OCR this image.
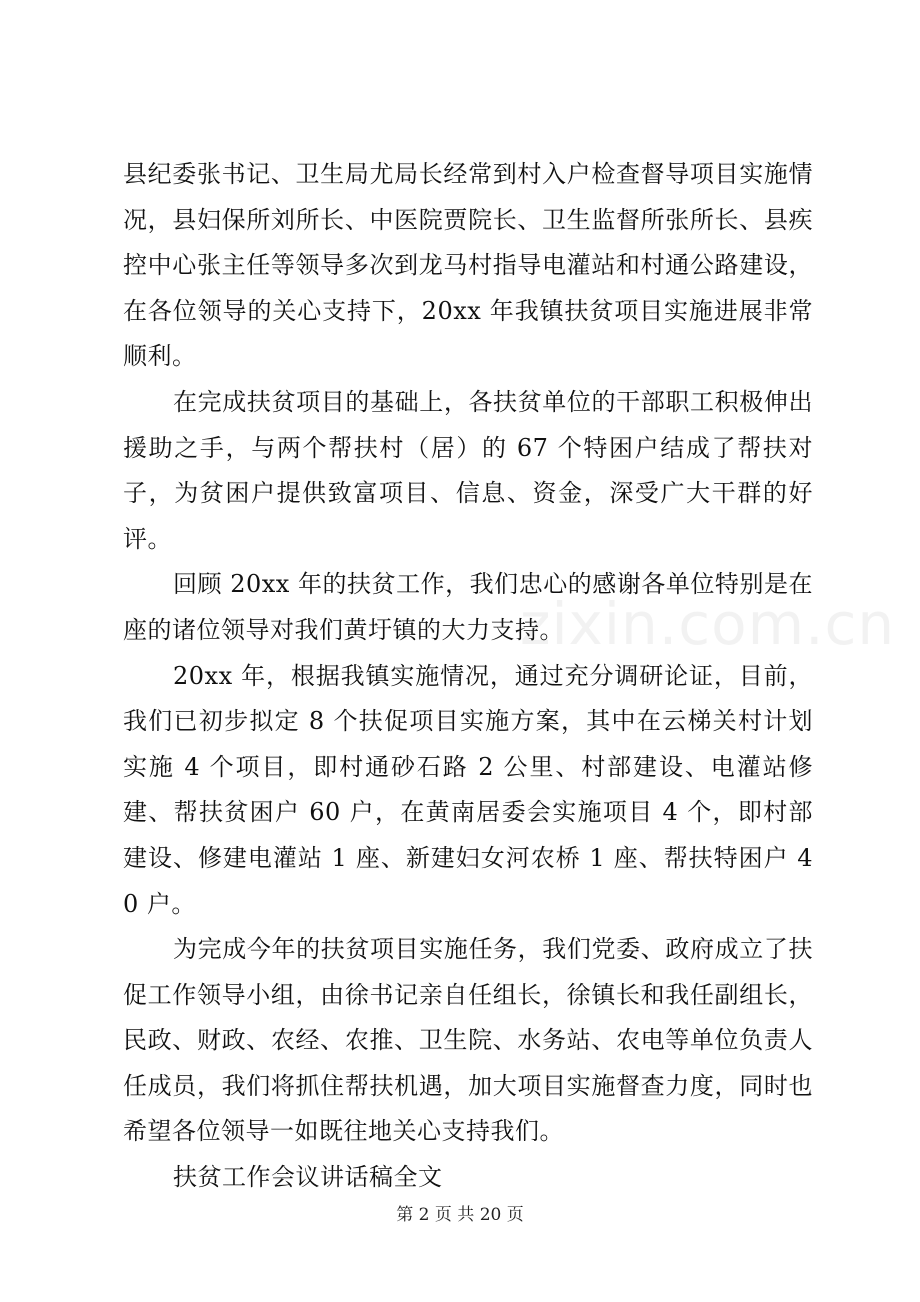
县纪委张书记、卫生局尤局长经常到村入户检查督导项目实施情况，县妇保所刘所长、中医院贾院长、卫生监督所张所长、县疾控中心张主任等领导多次到龙马村指导电灌站和村通公路建设，在各位领导的关心支持下，20xx 年我镇扶贫项目实施进展非常顺利。

在完成扶贫项目的基础上，各扶贫单位的干部职工积极伸出援助之手，与两个帮扶村（居）的 67 个特困户结成了帮扶对子，为贫困户提供致富项目、信息、资金，深受广大干群的好评。

回顾 20xx 年的扶贫工作，我们忠心的感谢各单位特别是在座的诸位领导对我们黄圩镇的大力支持。

20xx 年，根据我镇实施情况，通过充分调研论证，目前，我们已初步拟定 8 个扶促项目实施方案，其中在云梯关村计划实施 4 个项目，即村通砂石路 2 公里、村部建设、电灌站修建、帮扶贫困户 60 户，在黄南居委会实施项目 4 个，即村部建设、修建电灌站 1 座、新建妇女河农桥 1 座、帮扶特困户 40 户。

为完成今年的扶贫项目实施任务，我们党委、政府成立了扶促工作领导小组，由徐书记亲自任组长，徐镇长和我任副组长，民政、财政、农经、农推、卫生院、水务站、农电等单位负责人任成员，我们将抓住帮扶机遇，加大项目实施督查力度，同时也希望各位领导一如既往地关心支持我们。

扶贫工作会议讲话稿全文

zixin.com.cn
第 2 页 共 20 页
